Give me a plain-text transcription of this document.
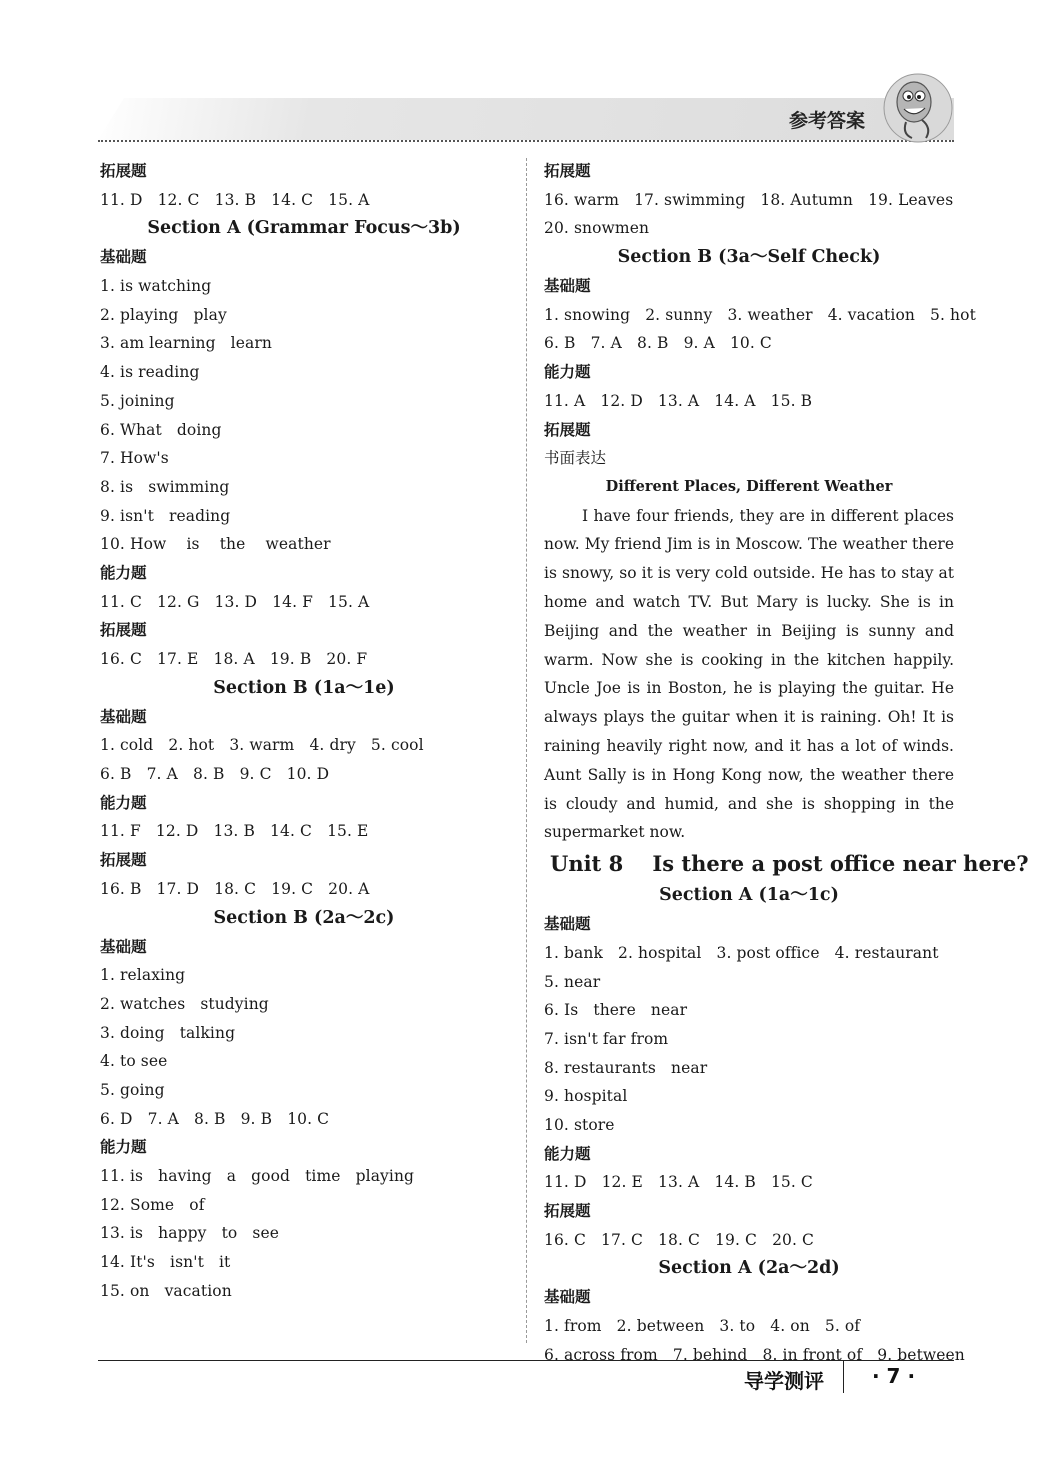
参考答案
拓展题
11. D   12. C   13. B   14. C   15. A
Section A (Grammar Focus～3b)
基础题
1. is watching
2. playing   play
3. am learning   learn
4. is reading
5. joining
6. What   doing
7. How's
8. is   swimming
9. isn't   reading
10. How    is    the    weather
能力题
11. C   12. G   13. D   14. F   15. A
拓展题
16. C   17. E   18. A   19. B   20. F
Section B (1a～1e)
基础题
1. cold   2. hot   3. warm   4. dry   5. cool
6. B   7. A   8. B   9. C   10. D
能力题
11. F   12. D   13. B   14. C   15. E
拓展题
16. B   17. D   18. C   19. C   20. A
Section B (2a～2c)
基础题
1. relaxing
2. watches   studying
3. doing   talking
4. to see
5. going
6. D   7. A   8. B   9. B   10. C
能力题
11. is   having   a   good   time   playing
12. Some   of
13. is   happy   to   see
14. It's   isn't   it
15. on   vacation
拓展题
16. warm   17. swimming   18. Autumn   19. Leaves
20. snowmen
Section B (3a～Self Check)
基础题
1. snowing   2. sunny   3. weather   4. vacation   5. hot
6. B   7. A   8. B   9. A   10. C
能力题
11. A   12. D   13. A   14. A   15. B
拓展题
书面表达
Different Places, Different Weather
I have four friends, they are in different places now. My friend Jim is in Moscow. The weather there is snowy, so it is very cold outside. He has to stay at home and watch TV. But Mary is lucky. She is in Beijing and the weather in Beijing is sunny and warm. Now she is cooking in the kitchen happily. Uncle Joe is in Boston, he is playing the guitar. He always plays the guitar when it is raining. Oh! It is raining heavily right now, and it has a lot of winds. Aunt Sally is in Hong Kong now, the weather there is cloudy and humid, and she is shopping in the supermarket now.
Unit 8    Is there a post office near here?
Section A (1a～1c)
基础题
1. bank   2. hospital   3. post office   4. restaurant
5. near
6. Is   there   near
7. isn't far from
8. restaurants   near
9. hospital
10. store
能力题
11. D   12. E   13. A   14. B   15. C
拓展题
16. C   17. C   18. C   19. C   20. C
Section A (2a～2d)
基础题
1. from   2. between   3. to   4. on   5. of
6. across from   7. behind   8. in front of   9. between
导学测评 · 7 ·
